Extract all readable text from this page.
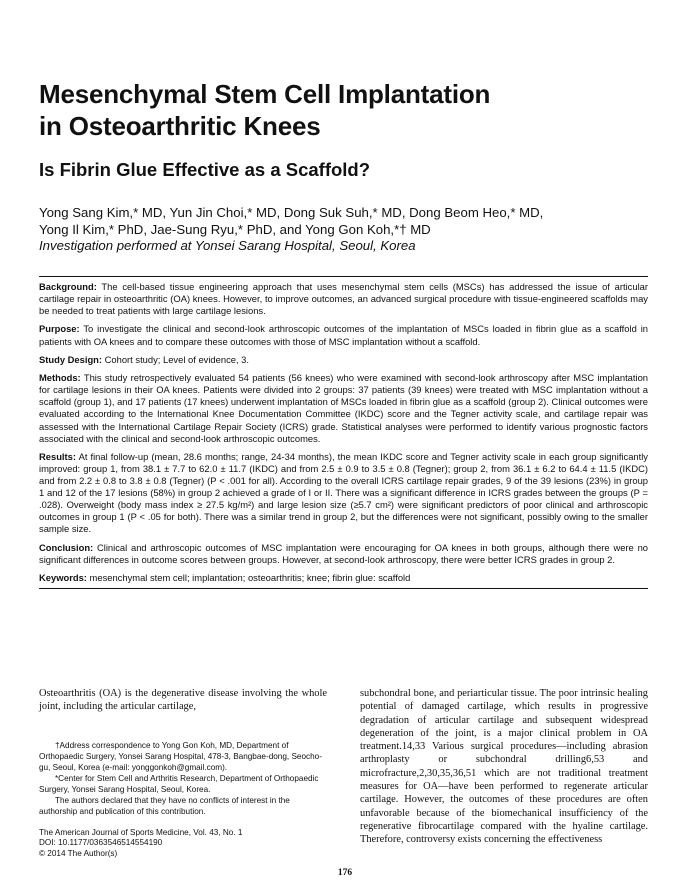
Mesenchymal Stem Cell Implantation
in Osteoarthritic Knees
Is Fibrin Glue Effective as a Scaffold?
Yong Sang Kim,* MD, Yun Jin Choi,* MD, Dong Suk Suh,* MD, Dong Beom Heo,* MD,
Yong Il Kim,* PhD, Jae-Sung Ryu,* PhD, and Yong Gon Koh,*† MD
Investigation performed at Yonsei Sarang Hospital, Seoul, Korea

Background: The cell-based tissue engineering approach that uses mesenchymal stem cells (MSCs) has addressed the issue of articular cartilage repair in osteoarthritic (OA) knees. However, to improve outcomes, an advanced surgical procedure with tissue-engineered scaffolds may be needed to treat patients with large cartilage lesions.

Purpose: To investigate the clinical and second-look arthroscopic outcomes of the implantation of MSCs loaded in fibrin glue as a scaffold in patients with OA knees and to compare these outcomes with those of MSC implantation without a scaffold.

Study Design: Cohort study; Level of evidence, 3.

Methods: This study retrospectively evaluated 54 patients (56 knees) who were examined with second-look arthroscopy after MSC implantation for cartilage lesions in their OA knees. Patients were divided into 2 groups: 37 patients (39 knees) were treated with MSC implantation without a scaffold (group 1), and 17 patients (17 knees) underwent implantation of MSCs loaded in fibrin glue as a scaffold (group 2). Clinical outcomes were evaluated according to the International Knee Documentation Committee (IKDC) score and the Tegner activity scale, and cartilage repair was assessed with the International Cartilage Repair Society (ICRS) grade. Statistical analyses were performed to identify various prognostic factors associated with the clinical and second-look arthroscopic outcomes.

Results: At final follow-up (mean, 28.6 months; range, 24-34 months), the mean IKDC score and Tegner activity scale in each group significantly improved: group 1, from 38.1 ± 7.7 to 62.0 ± 11.7 (IKDC) and from 2.5 ± 0.9 to 3.5 ± 0.8 (Tegner); group 2, from 36.1 ± 6.2 to 64.4 ± 11.5 (IKDC) and from 2.2 ± 0.8 to 3.8 ± 0.8 (Tegner) (P < .001 for all). According to the overall ICRS cartilage repair grades, 9 of the 39 lesions (23%) in group 1 and 12 of the 17 lesions (58%) in group 2 achieved a grade of I or II. There was a significant difference in ICRS grades between the groups (P = .028). Overweight (body mass index ≥ 27.5 kg/m²) and large lesion size (≥5.7 cm²) were significant predictors of poor clinical and arthroscopic outcomes in group 1 (P < .05 for both). There was a similar trend in group 2, but the differences were not significant, possibly owing to the smaller sample size.

Conclusion: Clinical and arthroscopic outcomes of MSC implantation were encouraging for OA knees in both groups, although there were no significant differences in outcome scores between groups. However, at second-look arthroscopy, there were better ICRS grades in group 2.

Keywords: mesenchymal stem cell; implantation; osteoarthritis; knee; fibrin glue: scaffold

Osteoarthritis (OA) is the degenerative disease involving the whole joint, including the articular cartilage,

†Address correspondence to Yong Gon Koh, MD, Department of Orthopaedic Surgery, Yonsei Sarang Hospital, 478-3, Bangbae-dong, Seocho-gu, Seoul, Korea (e-mail: yonggonkoh@gmail.com).

*Center for Stem Cell and Arthritis Research, Department of Orthopaedic Surgery, Yonsei Sarang Hospital, Seoul, Korea.

The authors declared that they have no conflicts of interest in the authorship and publication of this contribution.

The American Journal of Sports Medicine, Vol. 43, No. 1

DOI: 10.1177/0363546514554190

© 2014 The Author(s)

subchondral bone, and periarticular tissue. The poor intrinsic healing potential of damaged cartilage, which results in progressive degradation of articular cartilage and subsequent widespread degeneration of the joint, is a major clinical problem in OA treatment.14,33 Various surgical procedures—including abrasion arthroplasty or subchondral drilling6,53 and microfracture,2,30,35,36,51 which are not traditional treatment measures for OA—have been performed to regenerate articular cartilage. However, the outcomes of these procedures are often unfavorable because of the biomechanical insufficiency of the regenerative fibrocartilage compared with the hyaline cartilage. Therefore, controversy exists concerning the effectiveness

176
